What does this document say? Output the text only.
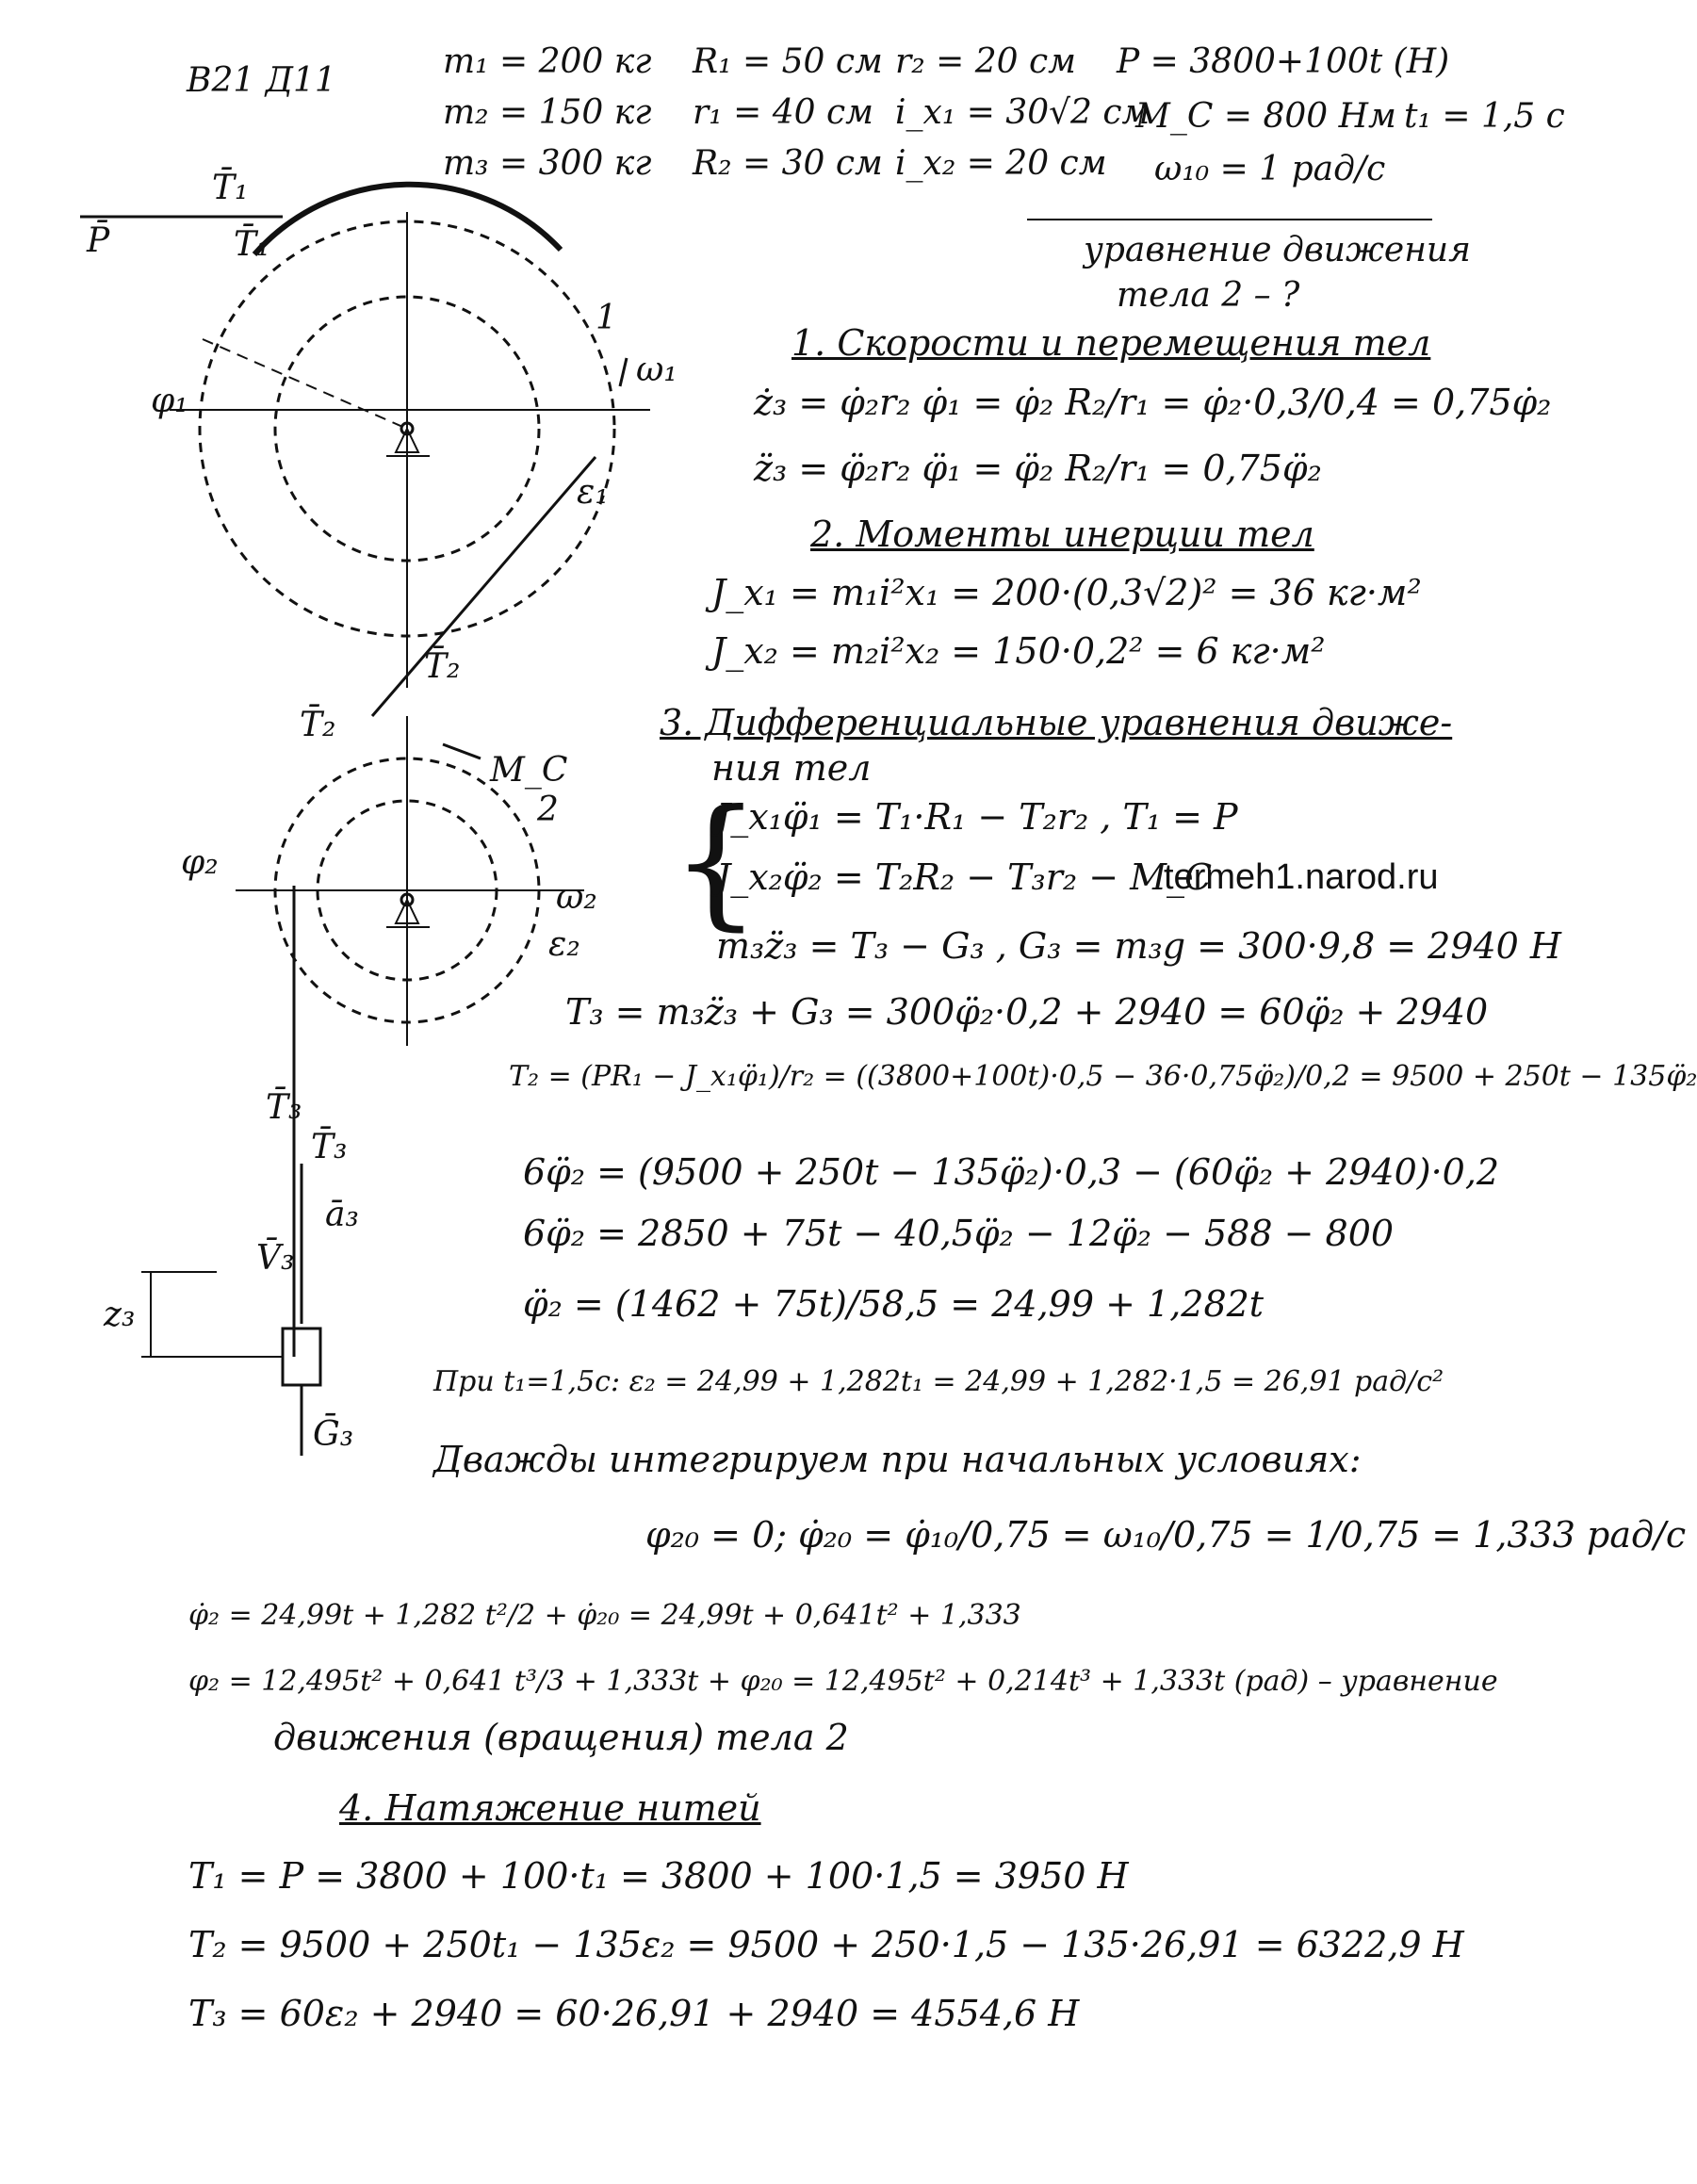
В21 Д11	m₁ = 200 кг
m₂ = 150 кг
m₃ = 300 кг
R₁ = 50 см
r₁ = 40 см
R₂ = 30 см
r₂ = 20 см
i_x₁ = 30√2 см
i_x₂ = 20 см
P = 3800+100t (Н)
M_C = 800 Нм t₁ = 1,5 с
ω₁₀ = 1 рад/с
уравнение движения
тела 2 – ?
T̄₁
P̄	T̄₁
1
φ₁
ω₁
ε₁
T̄₂
T̄₂
M_C
2
φ₂
ω₂
ε₂
T̄₃
T̄₃
ā₃
V̄₃
z₃
Ḡ₃
1. Скорости и перемещения тел
ż₃ = φ̇₂r₂ φ̇₁ = φ̇₂ R₂/r₁ = φ̇₂·0,3/0,4 = 0,75φ̇₂
z̈₃ = φ̈₂r₂ φ̈₁ = φ̈₂ R₂/r₁ = 0,75φ̈₂
2. Моменты инерции тел
J_x₁ = m₁i²x₁ = 200·(0,3√2)² = 36 кг·м²
J_x₂ = m₂i²x₂ = 150·0,2² = 6 кг·м²
3. Дифференциальные уравнения движе-
ния тел
{
J_x₁φ̈₁ = T₁·R₁ − T₂r₂ , T₁ = P
J_x₂φ̈₂ = T₂R₂ − T₃r₂ − M_C
termeh1.narod.ru
m₃z̈₃ = T₃ − G₃ , G₃ = m₃g = 300·9,8 = 2940 Н
T₃ = m₃z̈₃ + G₃ = 300φ̈₂·0,2 + 2940 = 60φ̈₂ + 2940
T₂ = (PR₁ − J_x₁φ̈₁)/r₂ = ((3800+100t)·0,5 − 36·0,75φ̈₂)/0,2 = 9500 + 250t − 135φ̈₂
6φ̈₂ = (9500 + 250t − 135φ̈₂)·0,3 − (60φ̈₂ + 2940)·0,2
6φ̈₂ = 2850 + 75t − 40,5φ̈₂ − 12φ̈₂ − 588 − 800
φ̈₂ = (1462 + 75t)/58,5 = 24,99 + 1,282t
При t₁=1,5с: ε₂ = 24,99 + 1,282t₁ = 24,99 + 1,282·1,5 = 26,91 рад/с²
Дважды интегрируем при начальных условиях:
φ₂₀ = 0; φ̇₂₀ = φ̇₁₀/0,75 = ω₁₀/0,75 = 1/0,75 = 1,333 рад/с
φ̇₂ = 24,99t + 1,282 t²/2 + φ̇₂₀ = 24,99t + 0,641t² + 1,333
φ₂ = 12,495t² + 0,641 t³/3 + 1,333t + φ₂₀ = 12,495t² + 0,214t³ + 1,333t (рад) – уравнение
движения (вращения) тела 2
4. Натяжение нитей
T₁ = P = 3800 + 100·t₁ = 3800 + 100·1,5 = 3950 Н
T₂ = 9500 + 250t₁ − 135ε₂ = 9500 + 250·1,5 − 135·26,91 = 6322,9 Н
T₃ = 60ε₂ + 2940 = 60·26,91 + 2940 = 4554,6 Н
